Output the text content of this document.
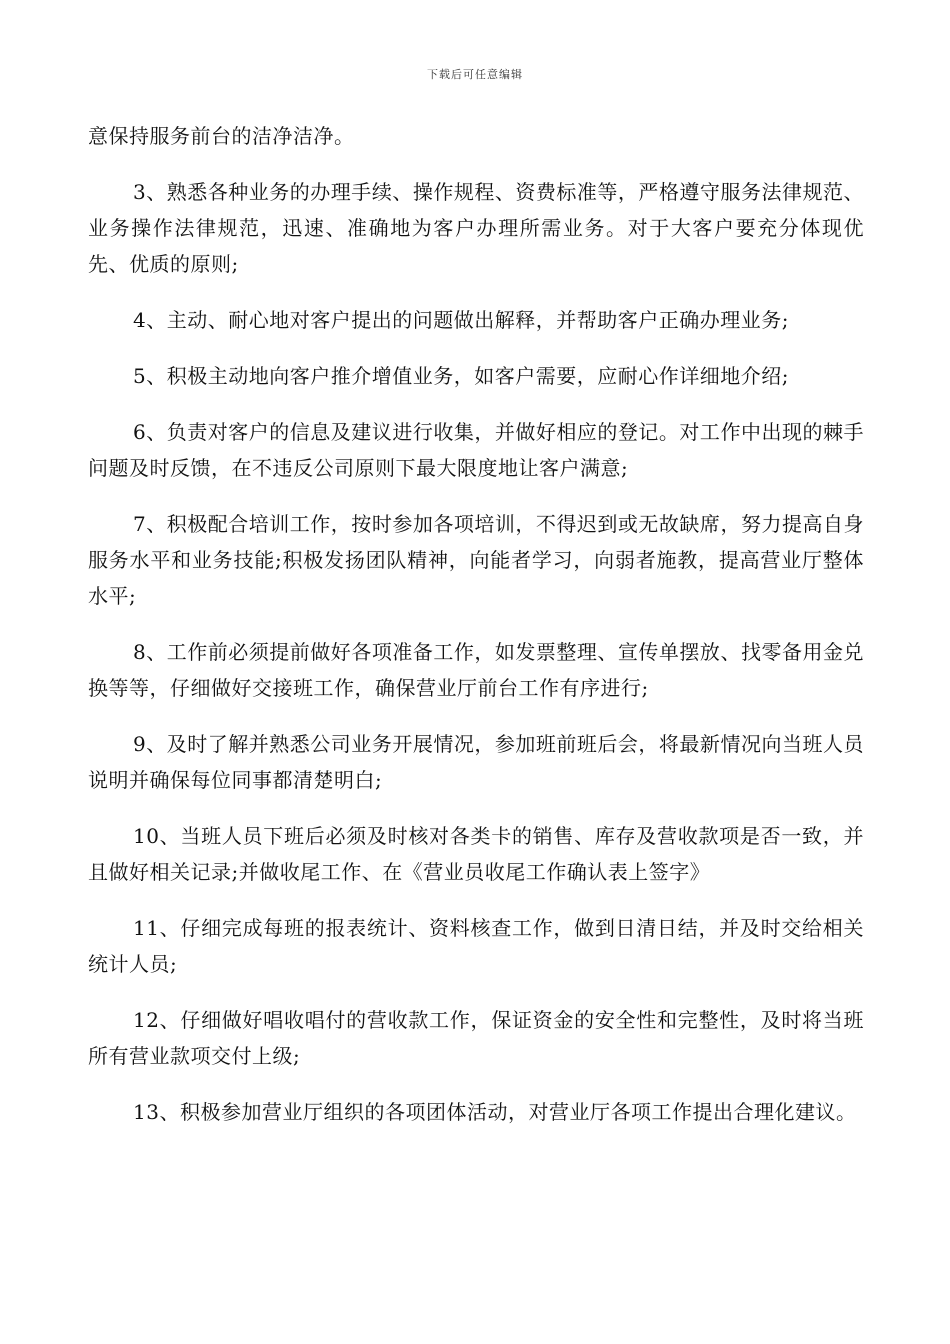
下载后可任意编辑

意保持服务前台的洁净洁净。

3、熟悉各种业务的办理手续、操作规程、资费标准等，严格遵守服务法律规范、业务操作法律规范，迅速、准确地为客户办理所需业务。对于大客户要充分体现优先、优质的原则;

4、主动、耐心地对客户提出的问题做出解释，并帮助客户正确办理业务;

5、积极主动地向客户推介增值业务，如客户需要，应耐心作详细地介绍;

6、负责对客户的信息及建议进行收集，并做好相应的登记。对工作中出现的棘手问题及时反馈，在不违反公司原则下最大限度地让客户满意;

7、积极配合培训工作，按时参加各项培训，不得迟到或无故缺席，努力提高自身服务水平和业务技能;积极发扬团队精神，向能者学习，向弱者施教，提高营业厅整体水平;

8、工作前必须提前做好各项准备工作，如发票整理、宣传单摆放、找零备用金兑换等等，仔细做好交接班工作，确保营业厅前台工作有序进行;

9、及时了解并熟悉公司业务开展情况，参加班前班后会，将最新情况向当班人员说明并确保每位同事都清楚明白;

10、当班人员下班后必须及时核对各类卡的销售、库存及营收款项是否一致，并且做好相关记录;并做收尾工作、在《营业员收尾工作确认表上签字》

11、仔细完成每班的报表统计、资料核查工作，做到日清日结，并及时交给相关统计人员;

12、仔细做好唱收唱付的营收款工作，保证资金的安全性和完整性，及时将当班所有营业款项交付上级;

13、积极参加营业厅组织的各项团体活动，对营业厅各项工作提出合理化建议。
